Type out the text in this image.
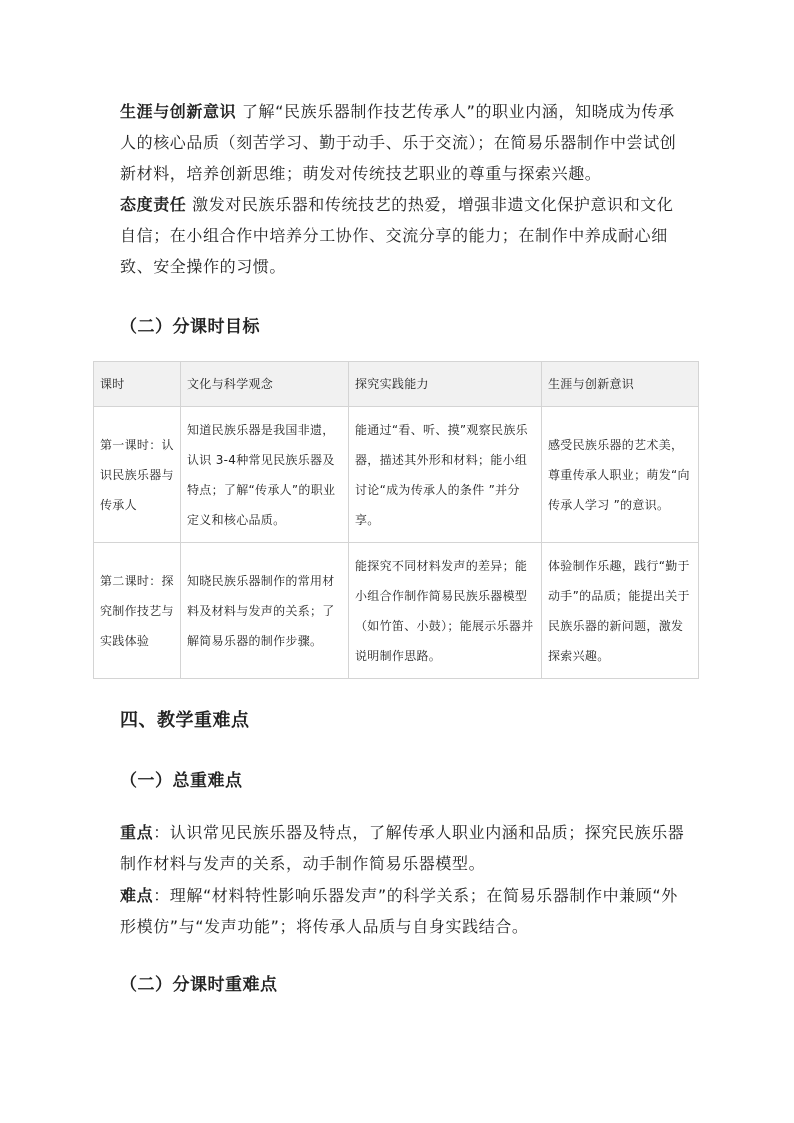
生涯与创新意识 了解“民族乐器制作技艺传承人”的职业内涵，知晓成为传承人的核心品质（刻苦学习、勤于动手、乐于交流）；在简易乐器制作中尝试创新材料，培养创新思维；萌发对传统技艺职业的尊重与探索兴趣。

态度责任 激发对民族乐器和传统技艺的热爱，增强非遗文化保护意识和文化自信；在小组合作中培养分工协作、交流分享的能力；在制作中养成耐心细致、安全操作的习惯。

（二）分课时目标
课时	文化与科学观念	探究实践能力	生涯与创新意识
第一课时：认识民族乐器与传承人	知道民族乐器是我国非遗，认识 3-4种常见民族乐器及特点；了解“传承人”的职业定义和核心品质。	能通过“看、听、摸”观察民族乐器，描述其外形和材料；能小组讨论“成为传承人的条件 ”并分享。	感受民族乐器的艺术美，尊重传承人职业；萌发“向传承人学习 ”的意识。
第二课时：探究制作技艺与实践体验	知晓民族乐器制作的常用材料及材料与发声的关系；了解简易乐器的制作步骤。	能探究不同材料发声的差异；能小组合作制作简易民族乐器模型（如竹笛、小鼓）；能展示乐器并说明制作思路。	体验制作乐趣，践行“勤于动手”的品质；能提出关于民族乐器的新问题，激发探索兴趣。
四、教学重难点
（一）总重难点

重点：认识常见民族乐器及特点，了解传承人职业内涵和品质；探究民族乐器制作材料与发声的关系，动手制作简易乐器模型。

难点：理解“材料特性影响乐器发声”的科学关系；在简易乐器制作中兼顾“外形模仿”与“发声功能”；将传承人品质与自身实践结合。

（二）分课时重难点
